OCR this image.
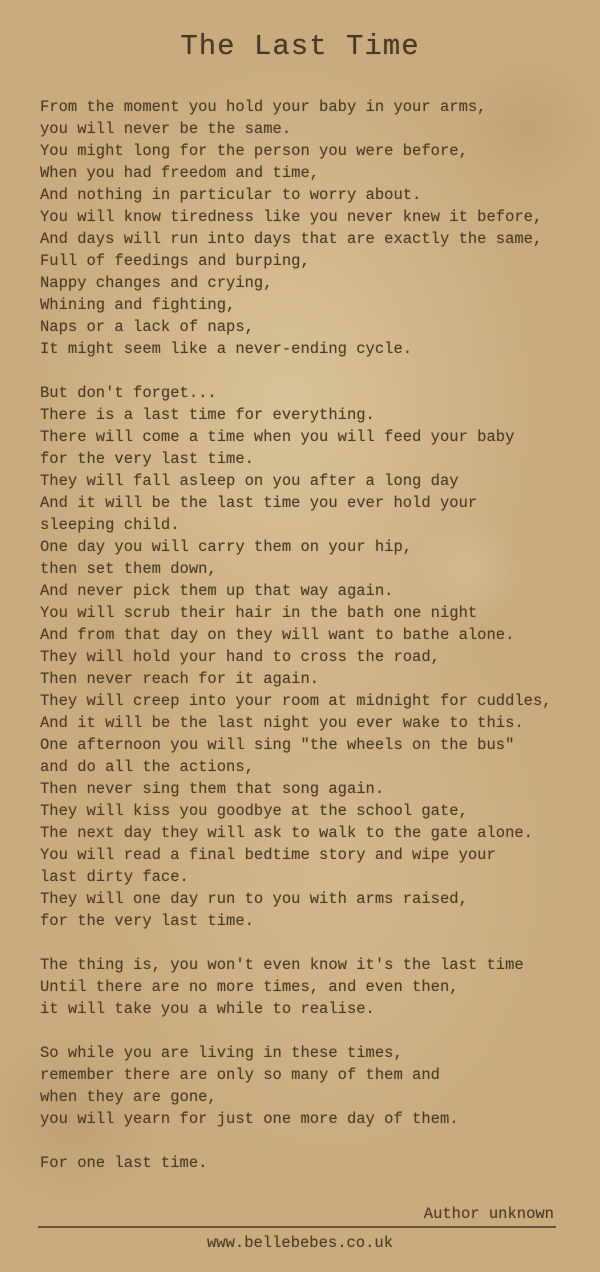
The Last Time
From the moment you hold your baby in your arms,
you will never be the same.
You might long for the person you were before,
When you had freedom and time,
And nothing in particular to worry about.
You will know tiredness like you never knew it before,
And days will run into days that are exactly the same,
Full of feedings and burping,
Nappy changes and crying,
Whining and fighting,
Naps or a lack of naps,
It might seem like a never-ending cycle.
But don't forget...
There is a last time for everything.
There will come a time when you will feed your baby
for the very last time.
They will fall asleep on you after a long day
And it will be the last time you ever hold your
sleeping child.
One day you will carry them on your hip,
then set them down,
And never pick them up that way again.
You will scrub their hair in the bath one night
And from that day on they will want to bathe alone.
They will hold your hand to cross the road,
Then never reach for it again.
They will creep into your room at midnight for cuddles,
And it will be the last night you ever wake to this.
One afternoon you will sing "the wheels on the bus"
and do all the actions,
Then never sing them that song again.
They will kiss you goodbye at the school gate,
The next day they will ask to walk to the gate alone.
You will read a final bedtime story and wipe your
last dirty face.
They will one day run to you with arms raised,
for the very last time.
The thing is, you won't even know it's the last time
Until there are no more times, and even then,
it will take you a while to realise.
So while you are living in these times,
remember there are only so many of them and
when they are gone,
you will yearn for just one more day of them.
For one last time.
Author unknown
www.bellebebes.co.uk
